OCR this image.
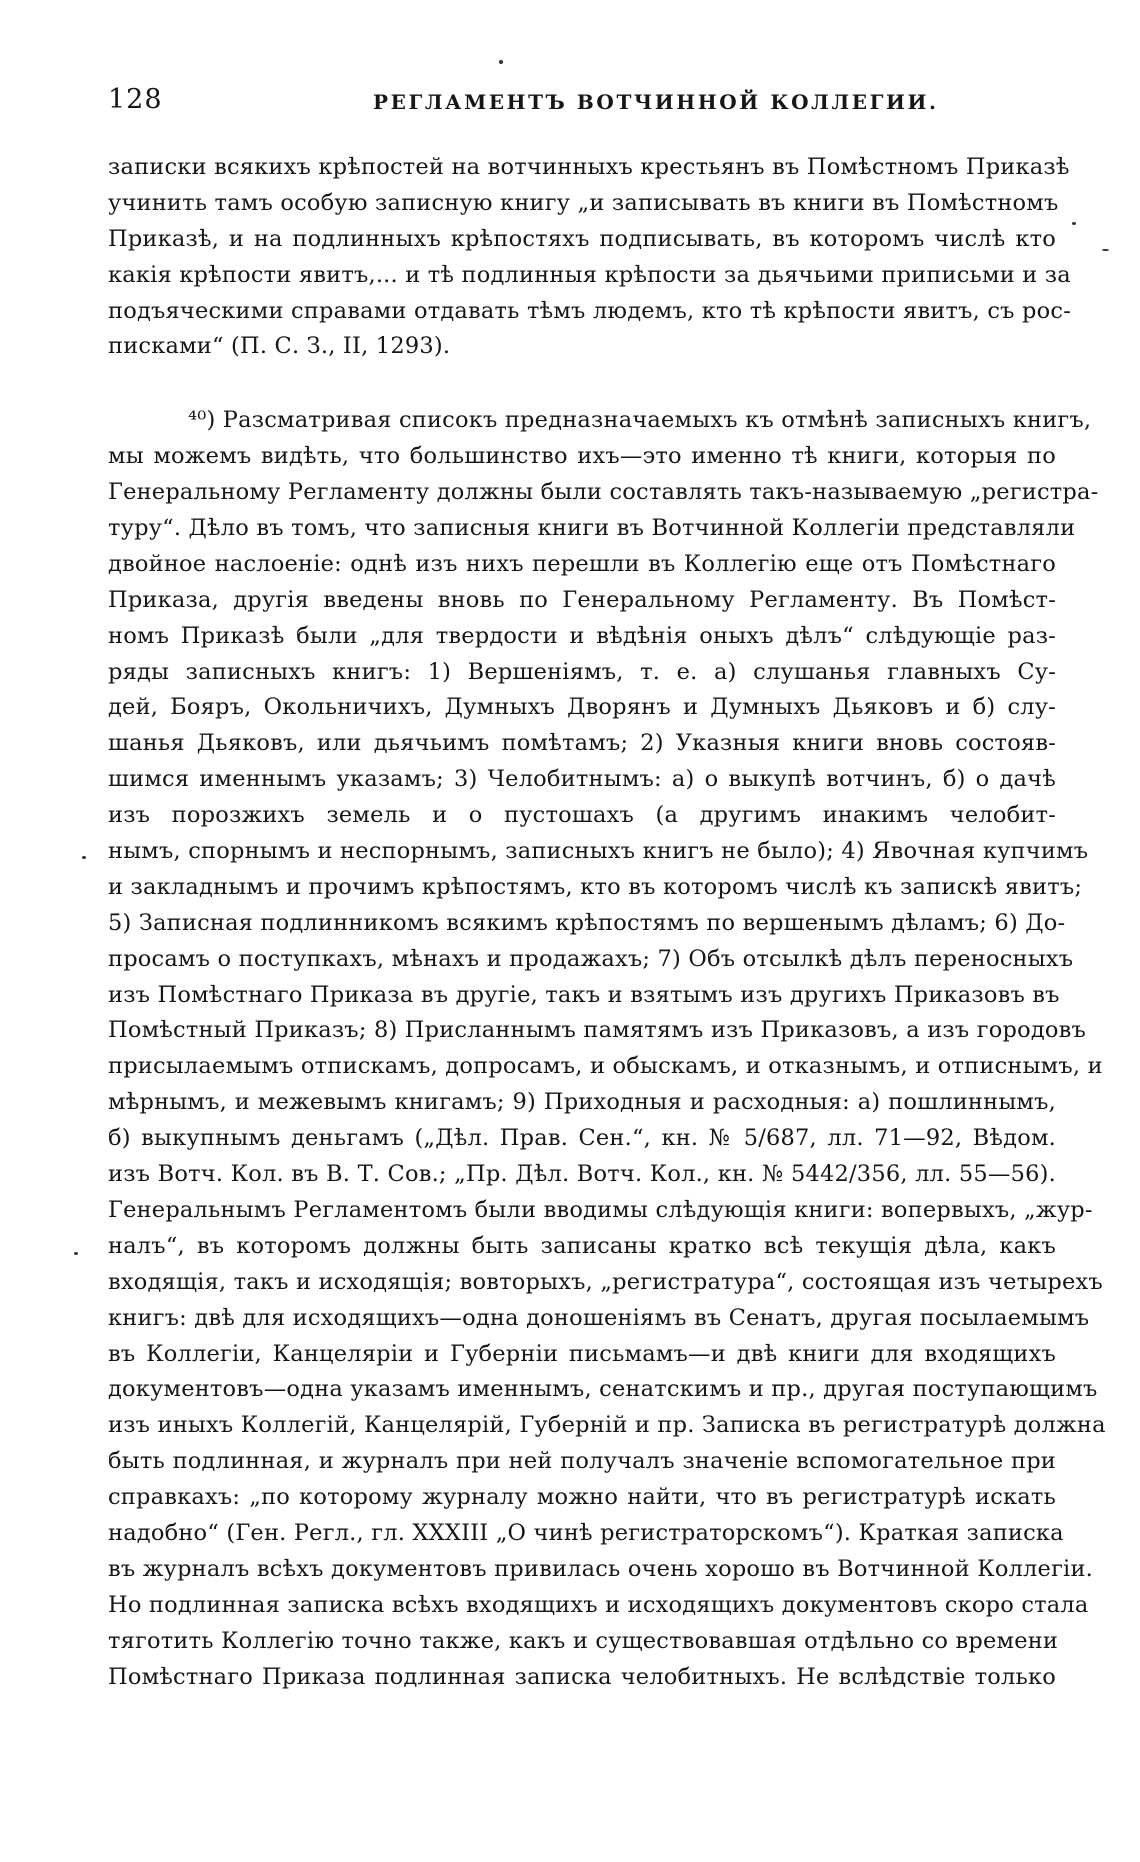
128	РЕГЛАМЕНТЪ ВОТЧИННОЙ КОЛЛЕГИИ.
записки всякихъ крѣпостей на вотчинныхъ крестьянъ въ Помѣстномъ Приказѣ
учинить тамъ особую записную книгу „и записывать въ книги въ Помѣстномъ
Приказѣ, и на подлинныхъ крѣпостяхъ подписывать, въ которомъ числѣ кто
какія крѣпости явитъ,... и тѣ подлинныя крѣпости за дьячьими приписьми и за
подъяческими справами отдавать тѣмъ людемъ, кто тѣ крѣпости явитъ, съ рос-
писками“ (П. С. З., II, 1293).
⁴⁰) Разсматривая списокъ предназначаемыхъ къ отмѣнѣ записныхъ книгъ,
мы можемъ видѣть, что большинство ихъ—это именно тѣ книги, которыя по
Генеральному Регламенту должны были составлять такъ-называемую „регистра-
туру“. Дѣло въ томъ, что записныя книги въ Вотчинной Коллегіи представляли
двойное наслоеніе: однѣ изъ нихъ перешли въ Коллегію еще отъ Помѣстнаго
Приказа, другія введены вновь по Генеральному Регламенту. Въ Помѣст-
номъ Приказѣ были „для твердости и вѣдѣнія оныхъ дѣлъ“ слѣдующіе раз-
ряды записныхъ книгъ: 1) Вершеніямъ, т. е. а) слушанья главныхъ Су-
дей, Бояръ, Окольничихъ, Думныхъ Дворянъ и Думныхъ Дьяковъ и б) слу-
шанья Дьяковъ, или дьячьимъ помѣтамъ; 2) Указныя книги вновь состояв-
шимся именнымъ указамъ; 3) Челобитнымъ: а) о выкупѣ вотчинъ, б) о дачѣ
изъ порозжихъ земель и о пустошахъ (а другимъ инакимъ челобит-
нымъ, спорнымъ и неспорнымъ, записныхъ книгъ не было); 4) Явочная купчимъ
и закладнымъ и прочимъ крѣпостямъ, кто въ которомъ числѣ къ запискѣ явитъ;
5) Записная подлинникомъ всякимъ крѣпостямъ по вершенымъ дѣламъ; 6) До-
просамъ о поступкахъ, мѣнахъ и продажахъ; 7) Объ отсылкѣ дѣлъ переносныхъ
изъ Помѣстнаго Приказа въ другіе, такъ и взятымъ изъ другихъ Приказовъ въ
Помѣстный Приказъ; 8) Присланнымъ памятямъ изъ Приказовъ, а изъ городовъ
присылаемымъ отпискамъ, допросамъ, и обыскамъ, и отказнымъ, и отписнымъ, и
мѣрнымъ, и межевымъ книгамъ; 9) Приходныя и расходныя: а) пошлиннымъ,
б) выкупнымъ деньгамъ („Дѣл. Прав. Сен.“, кн. № 5/687, лл. 71—92, Вѣдом.
изъ Вотч. Кол. въ В. Т. Сов.; „Пр. Дѣл. Вотч. Кол., кн. № 5442/356, лл. 55—56).
Генеральнымъ Регламентомъ были вводимы слѣдующія книги: вопервыхъ, „жур-
налъ“, въ которомъ должны быть записаны кратко всѣ текущія дѣла, какъ
входящія, такъ и исходящія; вовторыхъ, „регистратура“, состоящая изъ четырехъ
книгъ: двѣ для исходящихъ—одна доношеніямъ въ Сенатъ, другая посылаемымъ
въ Коллегіи, Канцеляріи и Губерніи письмамъ—и двѣ книги для входящихъ
документовъ—одна указамъ именнымъ, сенатскимъ и пр., другая поступающимъ
изъ иныхъ Коллегій, Канцелярій, Губерній и пр. Записка въ регистратурѣ должна
быть подлинная, и журналъ при ней получалъ значеніе вспомогательное при
справкахъ: „по которому журналу можно найти, что въ регистратурѣ искать
надобно“ (Ген. Регл., гл. XXXIII „О чинѣ регистраторскомъ“). Краткая записка
въ журналъ всѣхъ документовъ привилась очень хорошо въ Вотчинной Коллегіи.
Но подлинная записка всѣхъ входящихъ и исходящихъ документовъ скоро стала
тяготить Коллегію точно также, какъ и существовавшая отдѣльно со времени
Помѣстнаго Приказа подлинная записка челобитныхъ. Не вслѣдствіе только
